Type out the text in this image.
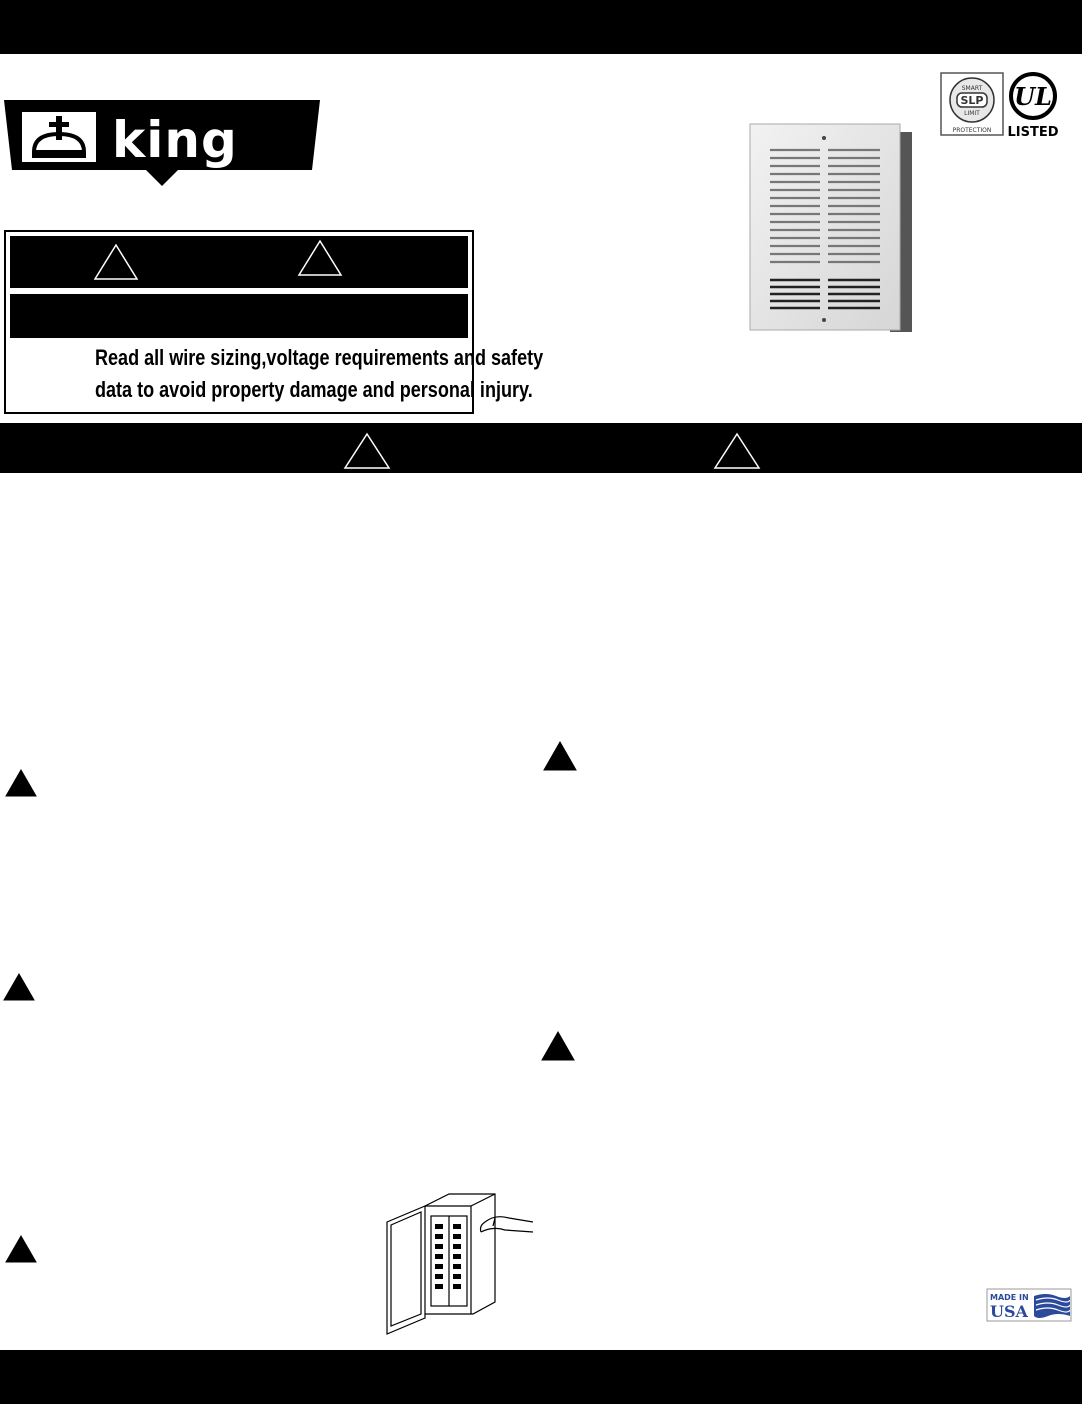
king
Read all wire sizing,voltage requirements and safety
data to avoid property damage and personal injury.
SMART
SLP
LIMIT
PROTECTION
UL
LISTED
MADE IN
USA
